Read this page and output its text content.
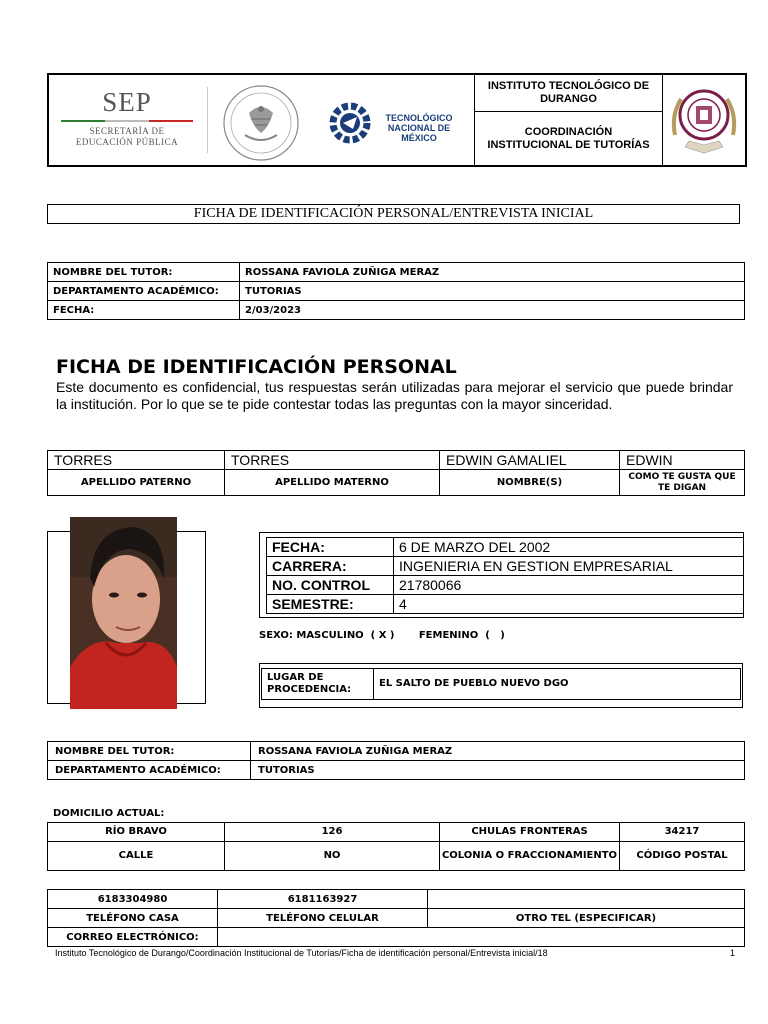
SEP
SECRETARÍA DE
EDUCACIÓN PÚBLICA
TECNOLÓGICO
NACIONAL DE MÉXICO
INSTITUTO TECNOLÓGICO DE DURANGO
COORDINACIÓN INSTITUCIONAL DE TUTORÍAS
FICHA DE IDENTIFICACIÓN PERSONAL/ENTREVISTA INICIAL
NOMBRE DEL TUTOR:	ROSSANA FAVIOLA ZUÑIGA MERAZ
DEPARTAMENTO ACADÉMICO:	TUTORIAS
FECHA:	2/03/2023
FICHA DE IDENTIFICACIÓN PERSONAL
Este documento es confidencial, tus respuestas serán utilizadas para mejorar el servicio que puede brindar la institución. Por lo que se te pide contestar todas las preguntas con la mayor sinceridad.
TORRES	TORRES	EDWIN GAMALIEL	EDWIN
APELLIDO PATERNO	APELLIDO MATERNO	NOMBRE(S)	COMO TE GUSTA QUE TE DIGAN
FECHA:	6 DE MARZO DEL 2002
CARRERA:	INGENIERIA EN GESTION EMPRESARIAL
NO. CONTROL	21780066
SEMESTRE:	4
SEXO: MASCULINO  ( X )       FEMENINO  (   )
LUGAR DE PROCEDENCIA:	EL SALTO DE PUEBLO NUEVO DGO
NOMBRE DEL TUTOR:	ROSSANA FAVIOLA ZUÑIGA MERAZ
DEPARTAMENTO ACADÉMICO:	TUTORIAS
DOMICILIO ACTUAL:
RÍO BRAVO	126	CHULAS FRONTERAS	34217
CALLE	NO	COLONIA O FRACCIONAMIENTO	CÓDIGO POSTAL
6183304980	6181163927	
TELÉFONO CASA	TELÉFONO CELULAR	OTRO TEL (ESPECIFICAR)
CORREO ELECTRÓNICO:		
Instituto Tecnológico de Durango/Coordinación Institucional de Tutorías/Ficha de identificación personal/Entrevista inicial/18	1
